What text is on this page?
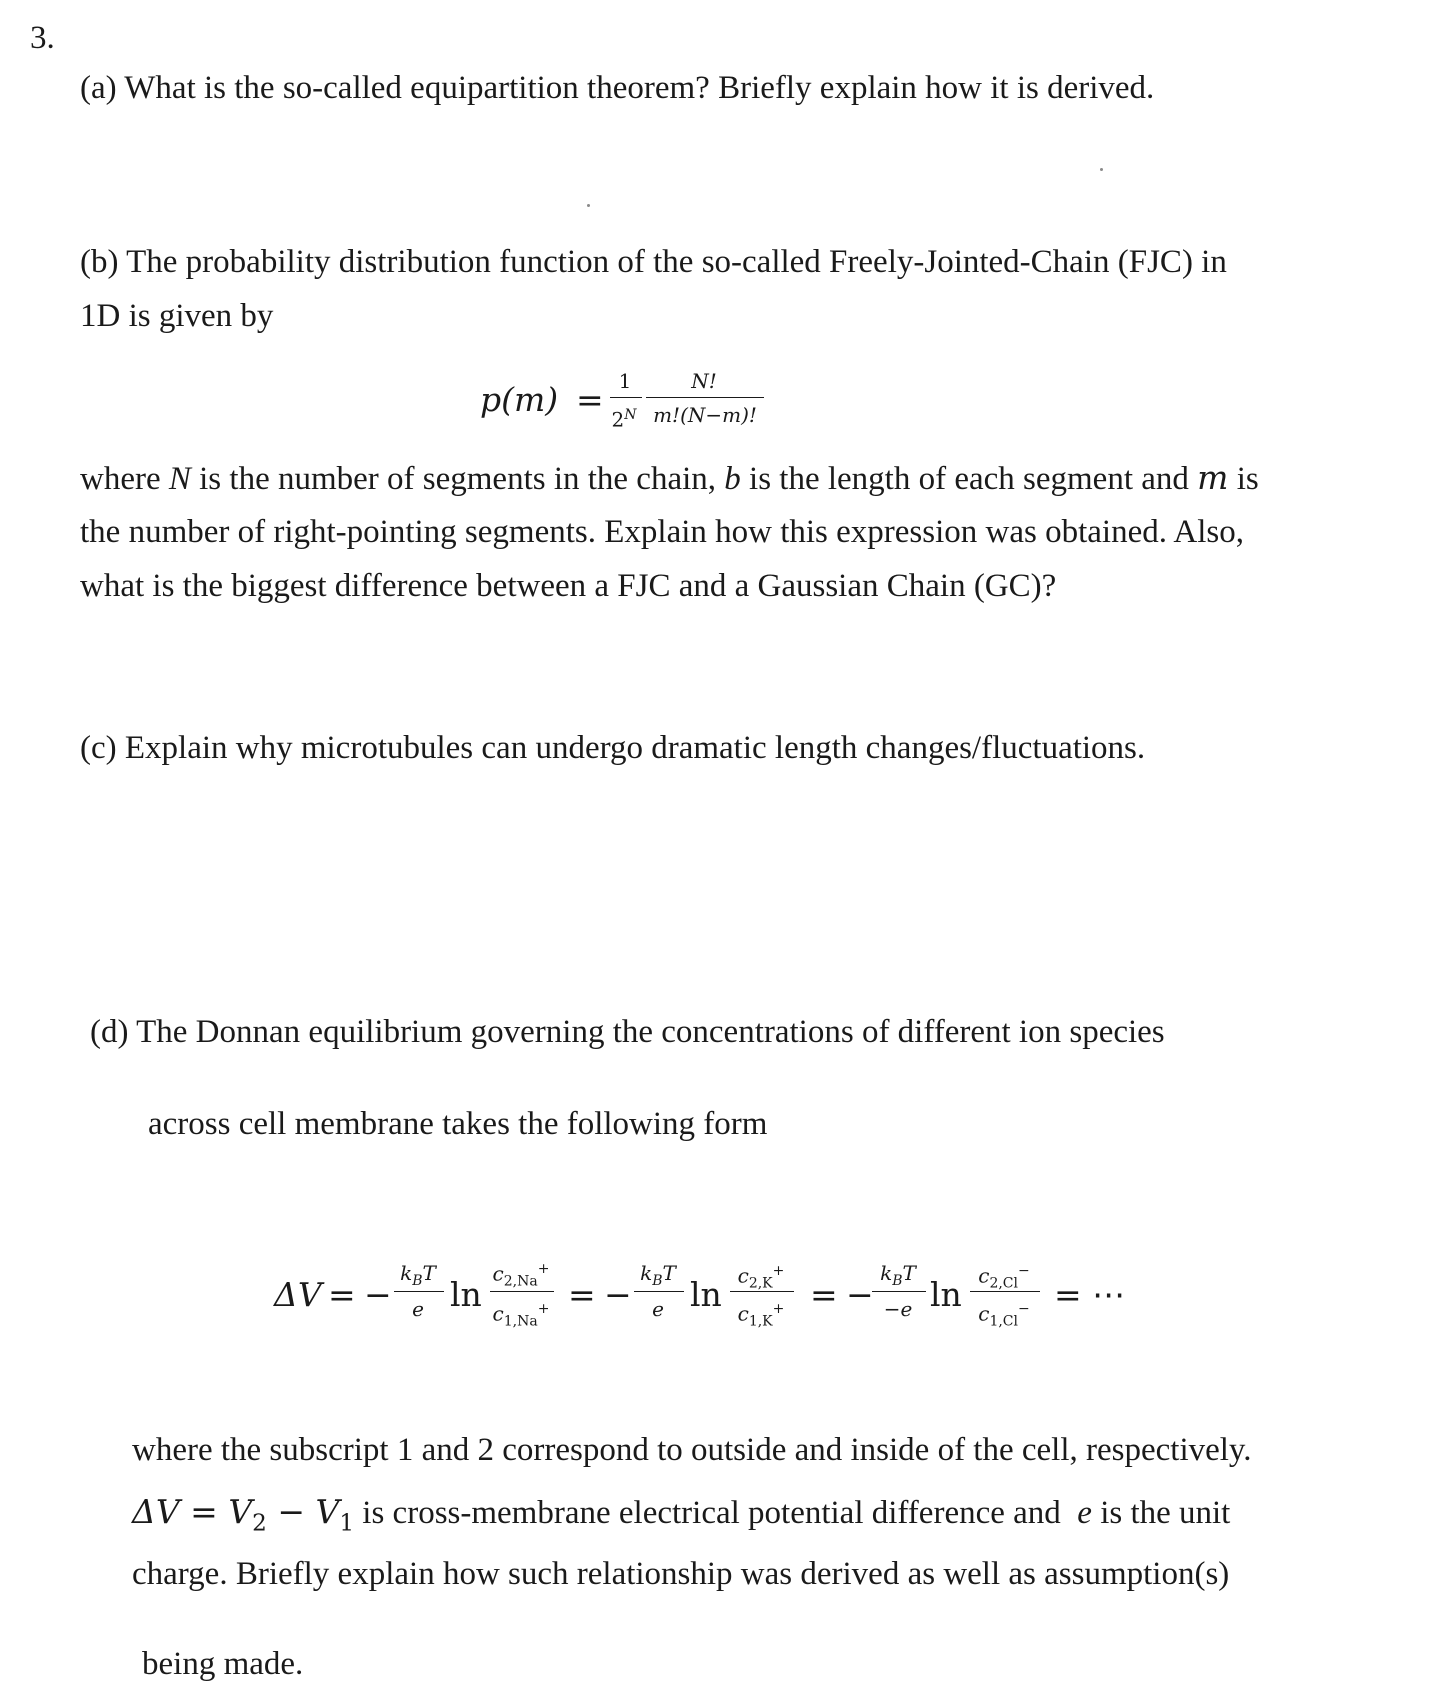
3.
(a) What is the so-called equipartition theorem? Briefly explain how it is derived.
(b) The probability distribution function of the so-called Freely-Jointed-Chain (FJC) in
1D is given by
p(m) = 1
$2^N$
N!
m!(N−m)!
where N is the number of segments in the chain, b is the length of each segment and m is
the number of right-pointing segments. Explain how this expression was obtained. Also,
what is the biggest difference between a FJC and a Gaussian Chain (GC)?
(c) Explain why microtubules can undergo dramatic length changes/fluctuations.
(d) The Donnan equilibrium governing the concentrations of different ion species
across cell membrane takes the following form
ΔV = −
$k_BT$
e ln
$c_{2,Na}^+$
$c_{1,Na}^+$ = −
$k_BT$
e $\ln c_{2,K}^+$
$c_{1,K}^+$ = −
$k_BT$
−e $\ln c_{2,Cl}^-$
$c_{1,Cl}^-$ = ⋯
where the subscript 1 and 2 correspond to outside and inside of the cell, respectively.
$\Delta V = V_2 - V_1$ is cross-membrane electrical potential difference and  e is the unit
charge. Briefly explain how such relationship was derived as well as assumption(s)
being made.
